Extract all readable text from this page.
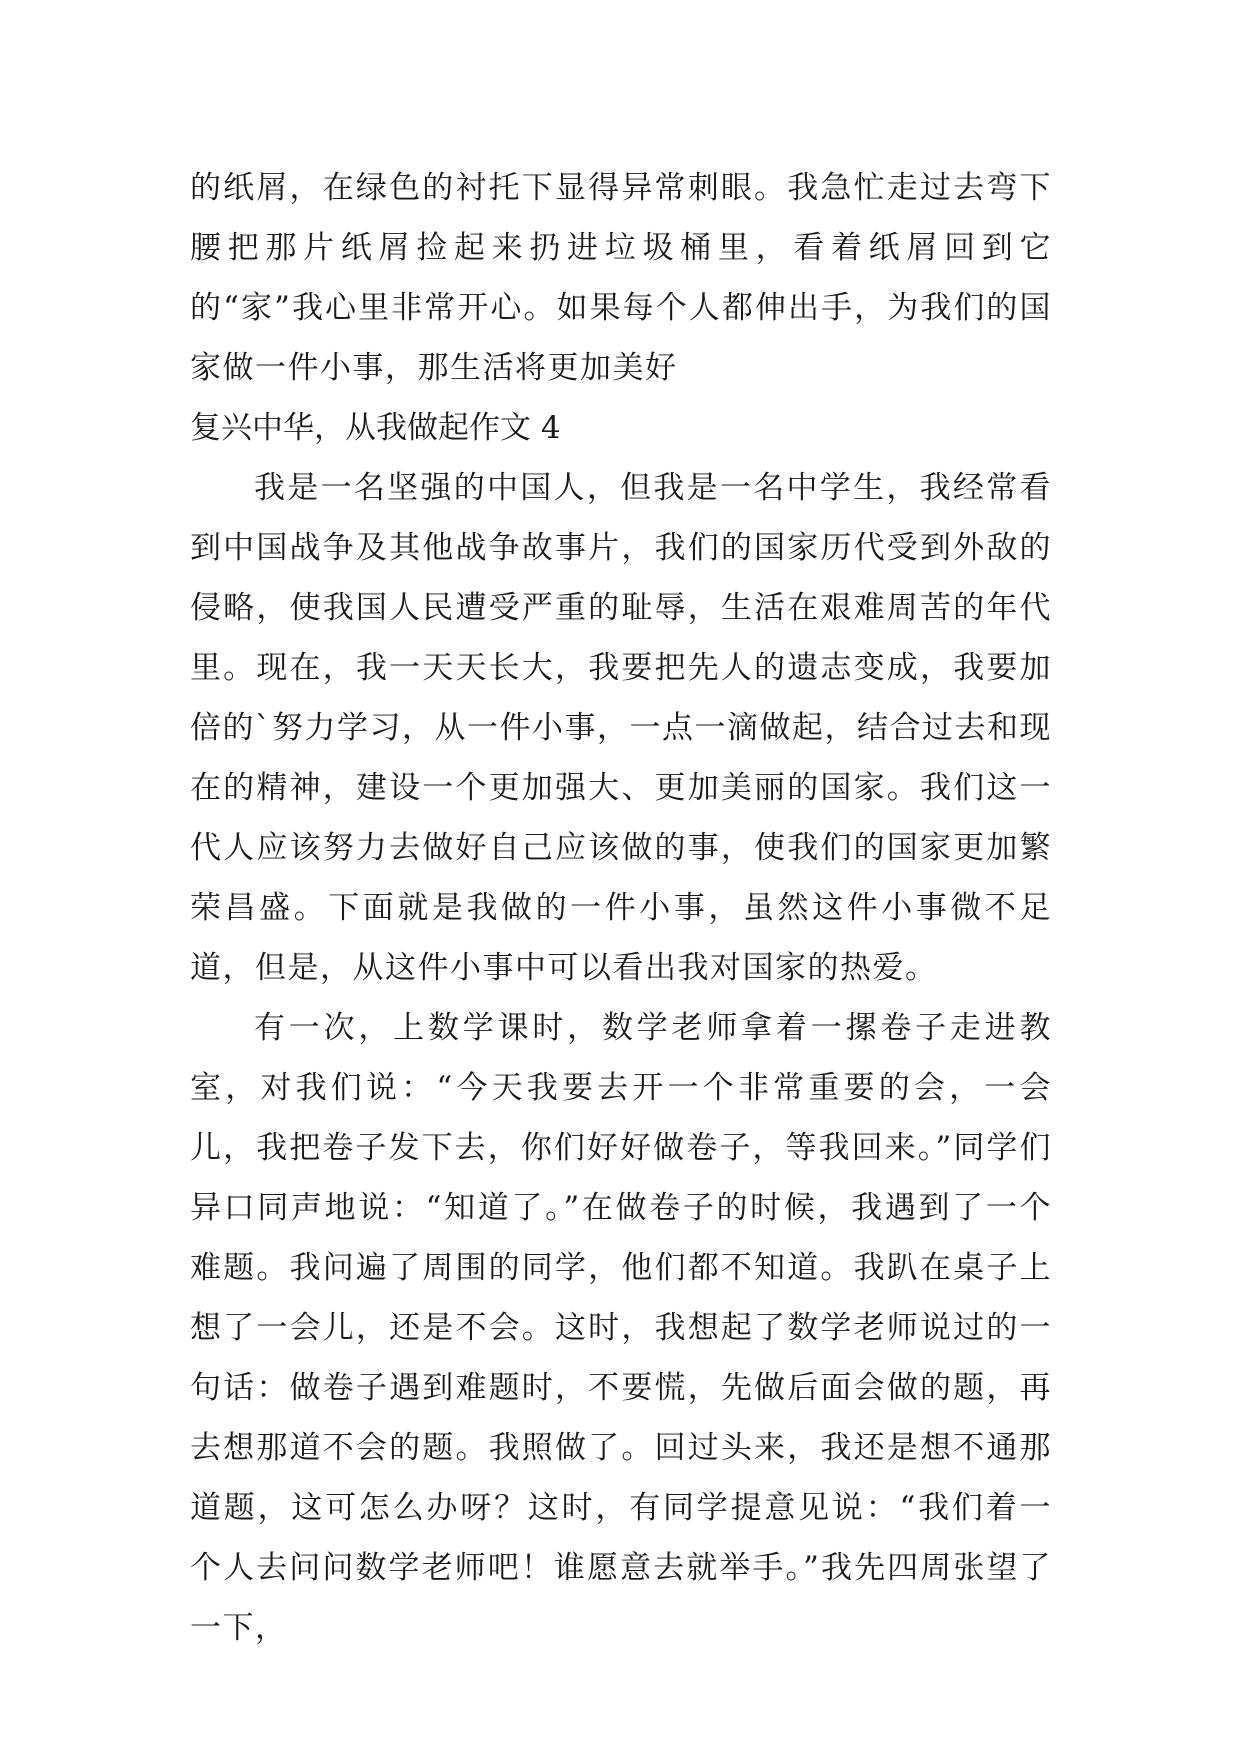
的纸屑，在绿色的衬托下显得异常刺眼。我急忙走过去弯下腰把那片纸屑捡起来扔进垃圾桶里，看着纸屑回到它的“家”我心里非常开心。如果每个人都伸出手，为我们的国家做一件小事，那生活将更加美好

复兴中华，从我做起作文 4

我是一名坚强的中国人，但我是一名中学生，我经常看到中国战争及其他战争故事片，我们的国家历代受到外敌的侵略，使我国人民遭受严重的耻辱，生活在艰难周苦的年代里。现在，我一天天长大，我要把先人的遗志变成，我要加倍的`努力学习，从一件小事，一点一滴做起，结合过去和现在的精神，建设一个更加强大、更加美丽的国家。我们这一代人应该努力去做好自己应该做的事，使我们的国家更加繁荣昌盛。下面就是我做的一件小事，虽然这件小事微不足道，但是，从这件小事中可以看出我对国家的热爱。

有一次，上数学课时，数学老师拿着一摞卷子走进教室，对我们说：“今天我要去开一个非常重要的会，一会儿，我把卷子发下去，你们好好做卷子，等我回来。”同学们异口同声地说：“知道了。”在做卷子的时候，我遇到了一个难题。我问遍了周围的同学，他们都不知道。我趴在桌子上想了一会儿，还是不会。这时，我想起了数学老师说过的一句话：做卷子遇到难题时，不要慌，先做后面会做的题，再去想那道不会的题。我照做了。回过头来，我还是想不通那道题，这可怎么办呀？这时，有同学提意见说：“我们着一个人去问问数学老师吧！谁愿意去就举手。”我先四周张望了一下，
